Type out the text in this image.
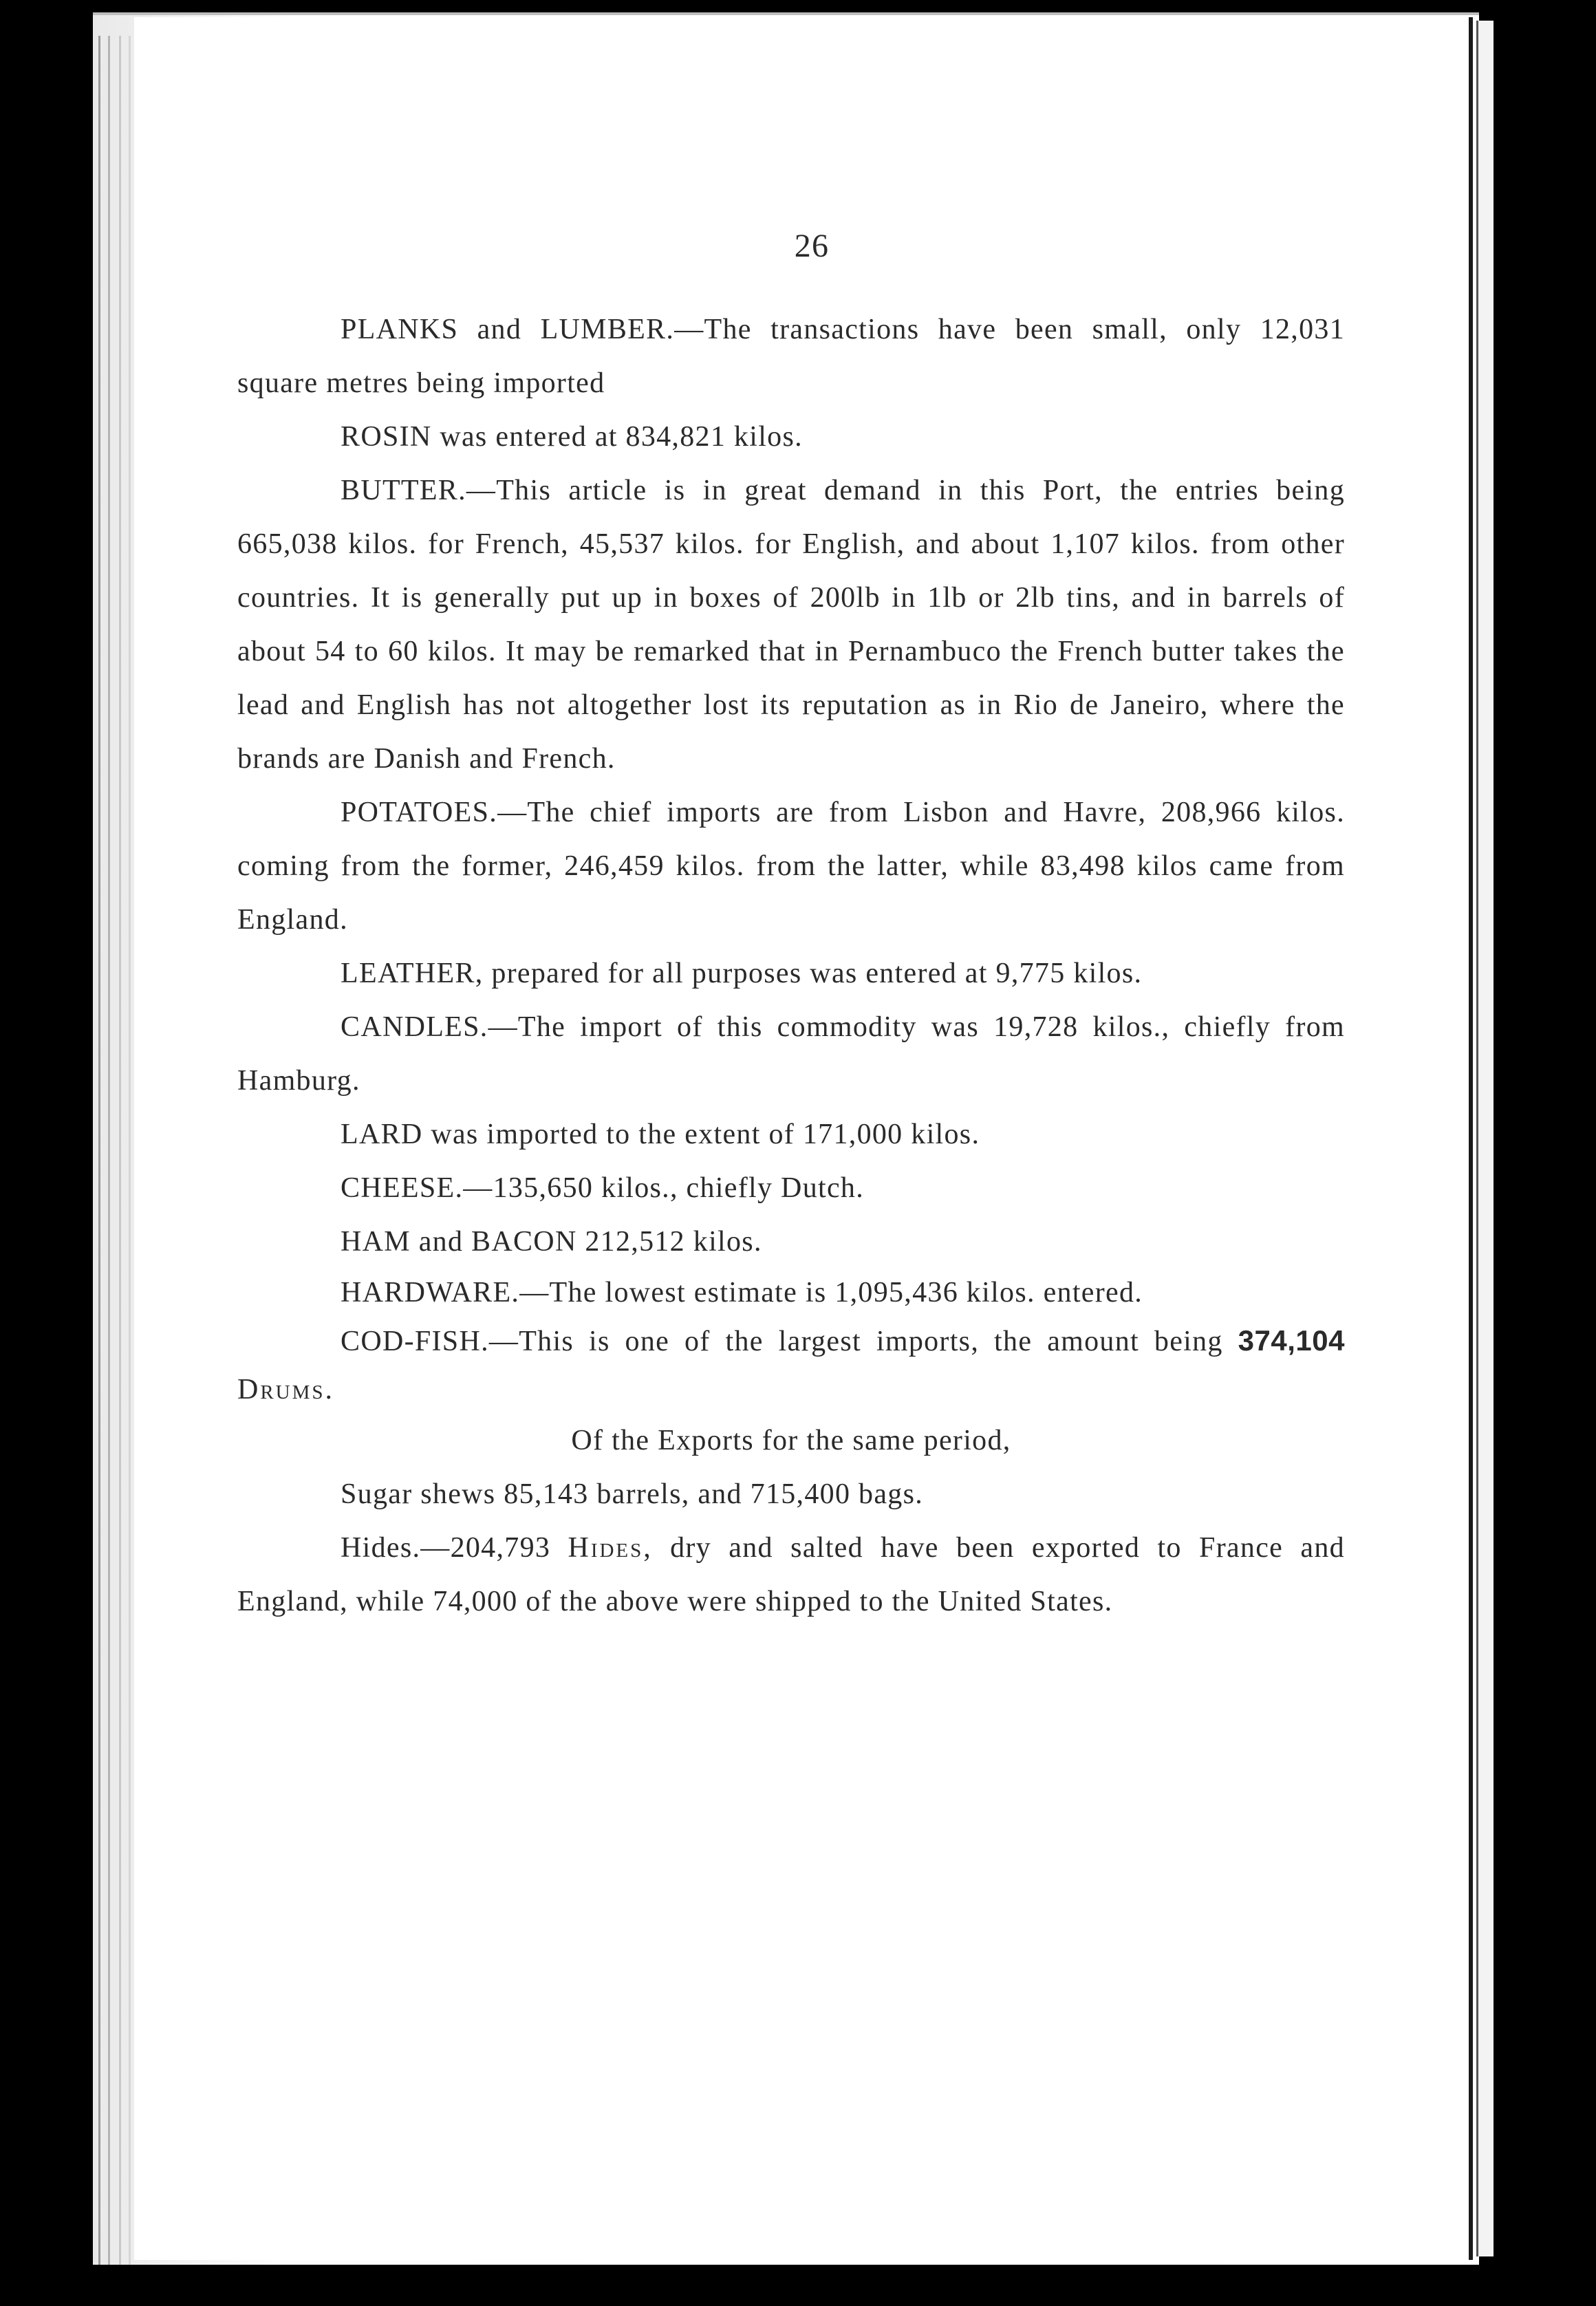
26

PLANKS and LUMBER.—The transactions have been small, only 12,031 square metres being imported

ROSIN was entered at 834,821 kilos.

BUTTER.—This article is in great demand in this Port, the entries being 665,038 kilos. for French, 45,537 kilos. for English, and about 1,107 kilos. from other countries. It is generally put up in boxes of 200lb in 1lb or 2lb tins, and in barrels of about 54 to 60 kilos. It may be remarked that in Pernambuco the French butter takes the lead and English has not altogether lost its reputation as in Rio de Janeiro, where the brands are Danish and French.

POTATOES.—The chief imports are from Lisbon and Havre, 208,966 kilos. coming from the former, 246,459 kilos. from the latter, while 83,498 kilos came from England.

LEATHER, prepared for all purposes was entered at 9,775 kilos.

CANDLES.—The import of this commodity was 19,728 kilos., chiefly from Hamburg.

LARD was imported to the extent of 171,000 kilos.

CHEESE.—135,650 kilos., chiefly Dutch.

HAM and BACON 212,512 kilos.

HARDWARE.—The lowest estimate is 1,095,436 kilos. entered.

COD-FISH.—This is one of the largest imports, the amount being 374,104 Drums.

Of the Exports for the same period,

Sugar shews 85,143 barrels, and 715,400 bags.

Hides.—204,793 Hides, dry and salted have been exported to France and England, while 74,000 of the above were shipped to the United States.
